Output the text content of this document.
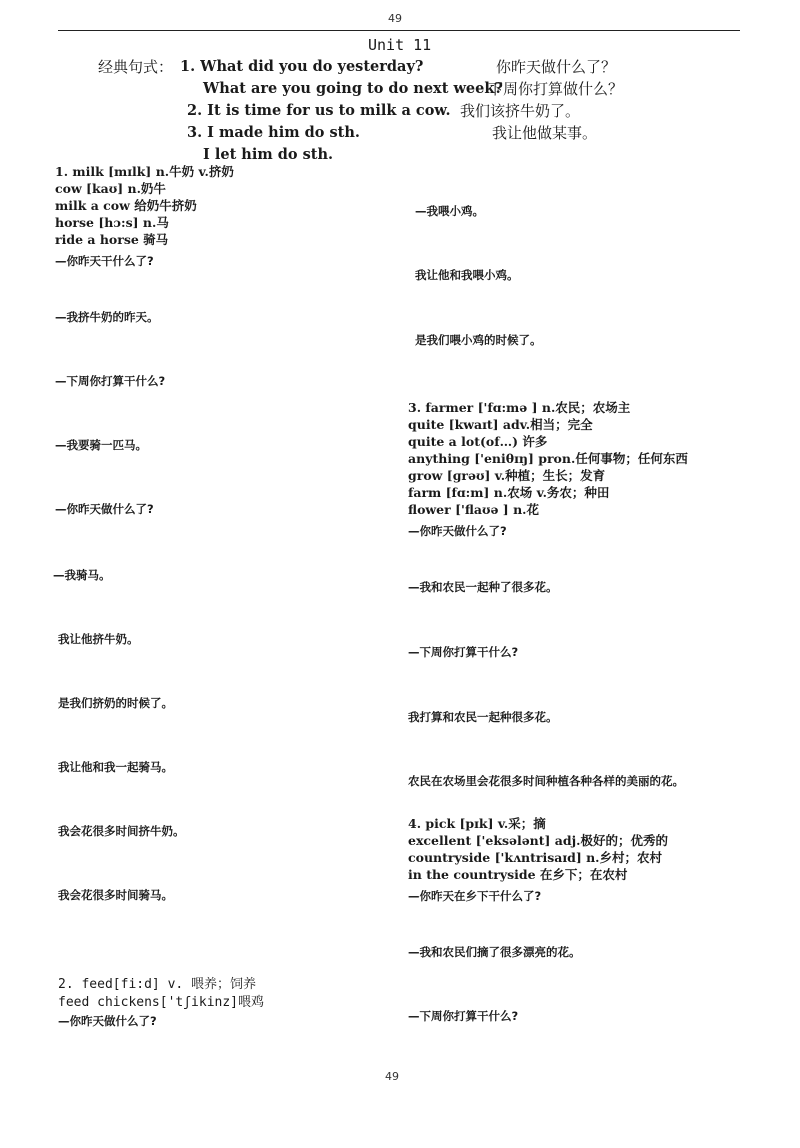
49
Unit 11
经典句式： 1. What did you do yesterday?	你昨天做什么了？
What are you going to do next week?
下周你打算做什么？
2. It is time for us to milk a cow. 我们该挤牛奶了。
3. I made him do sth.	我让他做某事。
I let him do sth.
1. milk [mɪlk] n.牛奶 v.挤奶
cow [kaʊ] n.奶牛
milk a cow 给奶牛挤奶
horse [hɔ:s] n.马
ride a horse 骑马
—你昨天干什么了?
—我挤牛奶的昨天。
—下周你打算干什么?
—我要骑一匹马。
—你昨天做什么了?
—我骑马。
我让他挤牛奶。
是我们挤奶的时候了。
我让他和我一起骑马。
我会花很多时间挤牛奶。
我会花很多时间骑马。
2. feed[fi:d] v. 喂养；饲养
feed chickens['tʃikinz]喂鸡
—你昨天做什么了?
—我喂小鸡。
我让他和我喂小鸡。
是我们喂小鸡的时候了。
3. farmer ['fɑ:mə ] n.农民；农场主
quite [kwaɪt] adv.相当；完全
quite a lot(of…) 许多
anything ['eniθɪŋ] pron.任何事物；任何东西
grow [ɡrəʊ] v.种植；生长；发育
farm [fɑ:m] n.农场 v.务农；种田
flower ['flaʊə ] n.花
—你昨天做什么了?
—我和农民一起种了很多花。
—下周你打算干什么?
我打算和农民一起种很多花。
农民在农场里会花很多时间种植各种各样的美丽的花。
4. pick [pɪk] v.采；摘
excellent ['eksələnt] adj.极好的；优秀的
countryside ['kʌntrisaɪd] n.乡村；农村
in the countryside 在乡下；在农村
—你昨天在乡下干什么了?
—我和农民们摘了很多漂亮的花。
—下周你打算干什么?
49
